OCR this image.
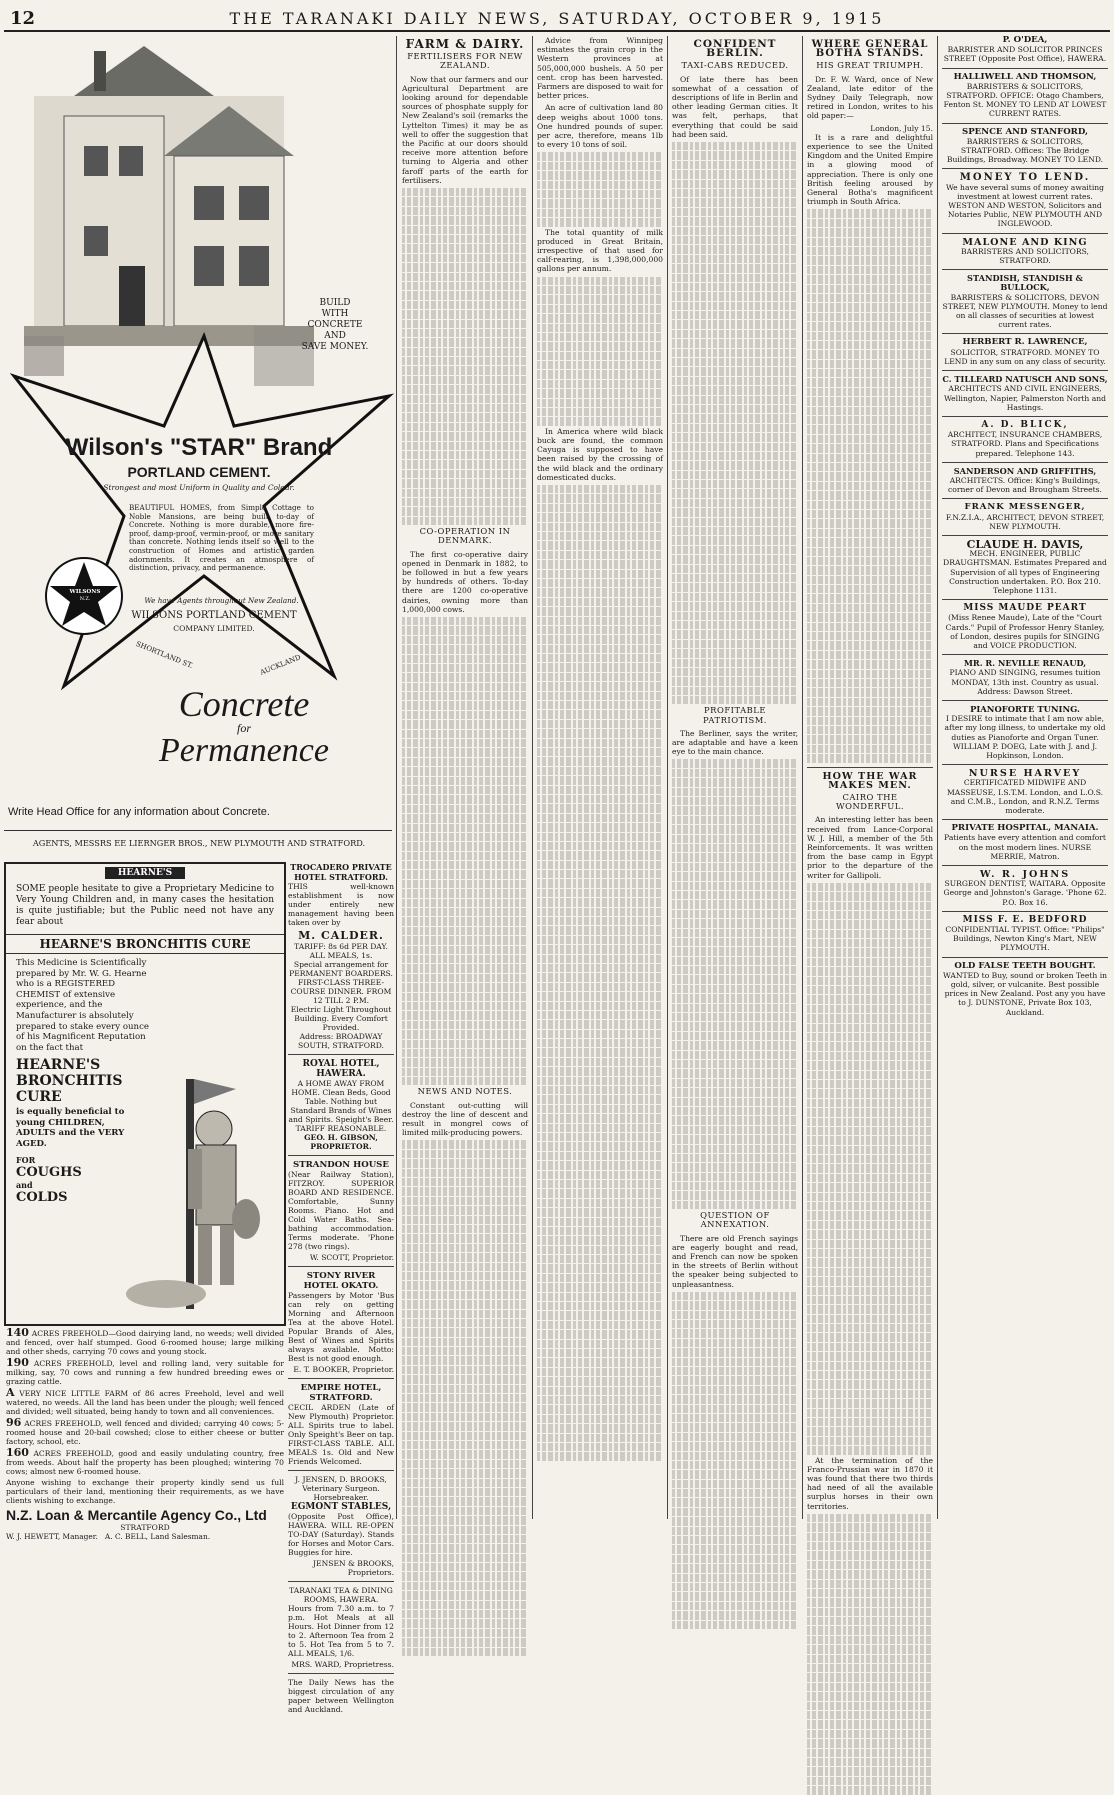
12	THE TARANAKI DAILY NEWS, SATURDAY, OCTOBER 9, 1915
BUILD
WITH
CONCRETE
AND
SAVE MONEY.
Wilson's "STAR" Brand
PORTLAND CEMENT.
Strongest and most Uniform in Quality and Colour.
BEAUTIFUL HOMES, from Simple Cottage to Noble Mansions, are being built to-day of Concrete. Nothing is more durable, more fire-proof, damp-proof, vermin-proof, or more sanitary than concrete. Nothing lends itself so well to the construction of Homes and artistic garden adornments. It creates an atmosphere of distinction, privacy, and permanence.
We have Agents throughout New Zealand.
WILSONS PORTLAND CEMENT
COMPANY LIMITED.
WILSONS
N.Z.
SHORTLAND ST.	AUCKLAND
Concrete
for
Permanence
Write Head Office for any information about Concrete.
AGENTS, MESSRS EE LIERNGER BROS., NEW PLYMOUTH AND STRATFORD.
HEARNE'S
SOME people hesitate to give a Proprietary Medicine to Very Young Children and, in many cases the hesitation is quite justifiable; but the Public need not have any fear about
HEARNE'S BRONCHITIS CURE
This Medicine is Scientifically prepared by Mr. W. G. Hearne who is a REGISTERED CHEMIST of extensive experience, and the Manufacturer is absolutely prepared to stake every ounce of his Magnificent Reputation on the fact that
HEARNE'S
BRONCHITIS
CURE
is equally beneficial to young CHILDREN, ADULTS and the VERY AGED.
FOR
COUGHS
and
COLDS
140 ACRES FREEHOLD—Good dairying land, no weeds; well divided and fenced, over half stumped. Good 6-roomed house; large milking and other sheds, carrying 70 cows and young stock.
190 ACRES FREEHOLD, level and rolling land, very suitable for milking, say, 70 cows and running a few hundred breeding ewes or grazing cattle.
A VERY NICE LITTLE FARM of 86 acres Freehold, level and well watered, no weeds. All the land has been under the plough; well fenced and divided; well situated, being handy to town and all conveniences.
96 ACRES FREEHOLD, well fenced and divided; carrying 40 cows; 5-roomed house and 20-bail cowshed; close to either cheese or butter factory, school, etc.
160 ACRES FREEHOLD, good and easily undulating country, free from weeds. About half the property has been ploughed; wintering 70 cows; almost new 6-roomed house.
Anyone wishing to exchange their property kindly send us full particulars of their land, mentioning their requirements, as we have clients wishing to exchange.
N.Z. Loan & Mercantile Agency Co., Ltd
STRATFORD
W. J. HEWETT, Manager. A. C. BELL, Land Salesman.
TROCADERO PRIVATE HOTEL STRATFORD.
THIS well-known establishment is now under entirely new management having been taken over by
M. CALDER.
TARIFF: 8s 6d PER DAY. ALL MEALS, 1s.
Special arrangement for PERMANENT BOARDERS. FIRST-CLASS THREE-COURSE DINNER. FROM 12 TILL 2 P.M.
Electric Light Throughout Building. Every Comfort Provided.
Address: BROADWAY SOUTH, STRATFORD.
ROYAL HOTEL, HAWERA.
A HOME AWAY FROM HOME. Clean Beds, Good Table. Nothing but Standard Brands of Wines and Spirits. Speight's Beer.
TARIFF REASONABLE.
GEO. H. GIBSON, PROPRIETOR.
STRANDON HOUSE
(Near Railway Station), FITZROY. SUPERIOR BOARD AND RESIDENCE. Comfortable, Sunny Rooms. Piano. Hot and Cold Water Baths. Sea-bathing accommodation. Terms moderate. 'Phone 278 (two rings).
W. SCOTT, Proprietor.
STONY RIVER HOTEL OKATO.
Passengers by Motor 'Bus can rely on getting Morning and Afternoon Tea at the above Hotel. Popular Brands of Ales, Best of Wines and Spirits always available. Motto: Best is not good enough.
E. T. BOOKER, Proprietor.
EMPIRE HOTEL, STRATFORD.
CECIL ARDEN (Late of New Plymouth) Proprietor. ALL Spirits true to label. Only Speight's Beer on tap. FIRST-CLASS TABLE. ALL MEALS 1s. Old and New Friends Welcomed.
J. JENSEN, D. BROOKS, Veterinary Surgeon. Horsebreaker.
EGMONT STABLES,
(Opposite Post Office), HAWERA. WILL RE-OPEN TO-DAY (Saturday). Stands for Horses and Motor Cars. Buggies for hire.
JENSEN & BROOKS, Proprietors.
TARANAKI TEA & DINING ROOMS, HAWERA.
Hours from 7.30 a.m. to 7 p.m. Hot Meals at all Hours. Hot Dinner from 12 to 2. Afternoon Tea from 2 to 5. Hot Tea from 5 to 7. ALL MEALS, 1/6.
MRS. WARD, Proprietress.
The Daily News has the biggest circulation of any paper between Wellington and Auckland.
FARM & DAIRY.
FERTILISERS FOR NEW ZEALAND.
Now that our farmers and our Agricultural Department are looking around for dependable sources of phosphate supply for New Zealand's soil (remarks the Lyttelton Times) it may be as well to offer the suggestion that the Pacific at our doors should receive more attention before turning to Algeria and other faroff parts of the earth for fertilisers.
CO-OPERATION IN DENMARK.
The first co-operative dairy opened in Denmark in 1882, to be followed in but a few years by hundreds of others. To-day there are 1200 co-operative dairies, owning more than 1,000,000 cows.
NEWS AND NOTES.
Constant out-cutting will destroy the line of descent and result in mongrel cows of limited milk-producing powers.
Advice from Winnipeg estimates the grain crop in the Western provinces at 505,000,000 bushels. A 50 per cent. crop has been harvested. Farmers are disposed to wait for better prices.
An acre of cultivation land 80 deep weighs about 1000 tons. One hundred pounds of super. per acre, therefore, means 1lb to every 10 tons of soil.
The total quantity of milk produced in Great Britain, irrespective of that used for calf-rearing, is 1,398,000,000 gallons per annum.
In America where wild black buck are found, the common Cayuga is supposed to have been raised by the crossing of the wild black and the ordinary domesticated ducks.
CONFIDENT BERLIN.
TAXI-CABS REDUCED.
Of late there has been somewhat of a cessation of descriptions of life in Berlin and other leading German cities. It was felt, perhaps, that everything that could be said had been said.
PROFITABLE PATRIOTISM.
The Berliner, says the writer, are adaptable and have a keen eye to the main chance.
QUESTION OF ANNEXATION.
There are old French sayings are eagerly bought and read, and French can now be spoken in the streets of Berlin without the speaker being subjected to unpleasantness.
WHERE GENERAL BOTHA STANDS.
HIS GREAT TRIUMPH.
Dr. F. W. Ward, once of New Zealand, late editor of the Sydney Daily Telegraph, now retired in London, writes to his old paper:—
London, July 15.
It is a rare and delightful experience to see the United Kingdom and the United Empire in a glowing mood of appreciation. There is only one British feeling aroused by General Botha's magnificent triumph in South Africa.
HOW THE WAR MAKES MEN.
CAIRO THE WONDERFUL.
An interesting letter has been received from Lance-Corporal W. J. Hill, a member of the 5th Reinforcements. It was written from the base camp in Egypt prior to the departure of the writer for Gallipoli.
At the termination of the Franco-Prussian war in 1870 it was found that there two thirds had need of all the available surplus horses in their own territories.
P. O'DEA,
BARRISTER AND SOLICITOR PRINCES STREET (Opposite Post Office), HAWERA.
HALLIWELL AND THOMSON,
BARRISTERS & SOLICITORS, STRATFORD. OFFICE: Otago Chambers, Fenton St. MONEY TO LEND AT LOWEST CURRENT RATES.
SPENCE AND STANFORD,
BARRISTERS & SOLICITORS, STRATFORD. Offices: The Bridge Buildings, Broadway. MONEY TO LEND.
MONEY TO LEND.
We have several sums of money awaiting investment at lowest current rates. WESTON AND WESTON, Solicitors and Notaries Public, NEW PLYMOUTH AND INGLEWOOD.
MALONE AND KING
BARRISTERS AND SOLICITORS, STRATFORD.
STANDISH, STANDISH & BULLOCK,
BARRISTERS & SOLICITORS, DEVON STREET, NEW PLYMOUTH. Money to lend on all classes of securities at lowest current rates.
HERBERT R. LAWRENCE,
SOLICITOR, STRATFORD. MONEY TO LEND in any sum on any class of security.
C. TILLEARD NATUSCH AND SONS,
ARCHITECTS AND CIVIL ENGINEERS, Wellington, Napier, Palmerston North and Hastings.
A. D. BLICK,
ARCHITECT, INSURANCE CHAMBERS, STRATFORD. Plans and Specifications prepared. Telephone 143.
SANDERSON AND GRIFFITHS,
ARCHITECTS. Office: King's Buildings, corner of Devon and Brougham Streets.
FRANK MESSENGER,
F.N.Z.I.A., ARCHITECT, DEVON STREET, NEW PLYMOUTH.
CLAUDE H. DAVIS,
MECH. ENGINEER, PUBLIC DRAUGHTSMAN. Estimates Prepared and Supervision of all types of Engineering Construction undertaken. P.O. Box 210. Telephone 1131.
MISS MAUDE PEART
(Miss Renee Maude), Late of the "Court Cards." Pupil of Professor Henry Stanley, of London, desires pupils for SINGING and VOICE PRODUCTION.
MR. R. NEVILLE RENAUD,
PIANO AND SINGING, resumes tuition MONDAY, 13th inst. Country as usual. Address: Dawson Street.
PIANOFORTE TUNING.
I DESIRE to intimate that I am now able, after my long illness, to undertake my old duties as Pianoforte and Organ Tuner. WILLIAM P. DOEG, Late with J. and J. Hopkinson, London.
NURSE HARVEY
CERTIFICATED MIDWIFE AND MASSEUSE, I.S.T.M. London, and L.O.S. and C.M.B., London, and R.N.Z. Terms moderate.
PRIVATE HOSPITAL, MANAIA.
Patients have every attention and comfort on the most modern lines. NURSE MERRIE, Matron.
W. R. JOHNS
SURGEON DENTIST, WAITARA. Opposite George and Johnston's Garage. 'Phone 62. P.O. Box 16.
MISS F. E. BEDFORD
CONFIDENTIAL TYPIST. Office: "Philips" Buildings, Newton King's Mart, NEW PLYMOUTH.
OLD FALSE TEETH BOUGHT.
WANTED to Buy, sound or broken Teeth in gold, silver, or vulcanite. Best possible prices in New Zealand. Post any you have to J. DUNSTONE, Private Box 103, Auckland.
